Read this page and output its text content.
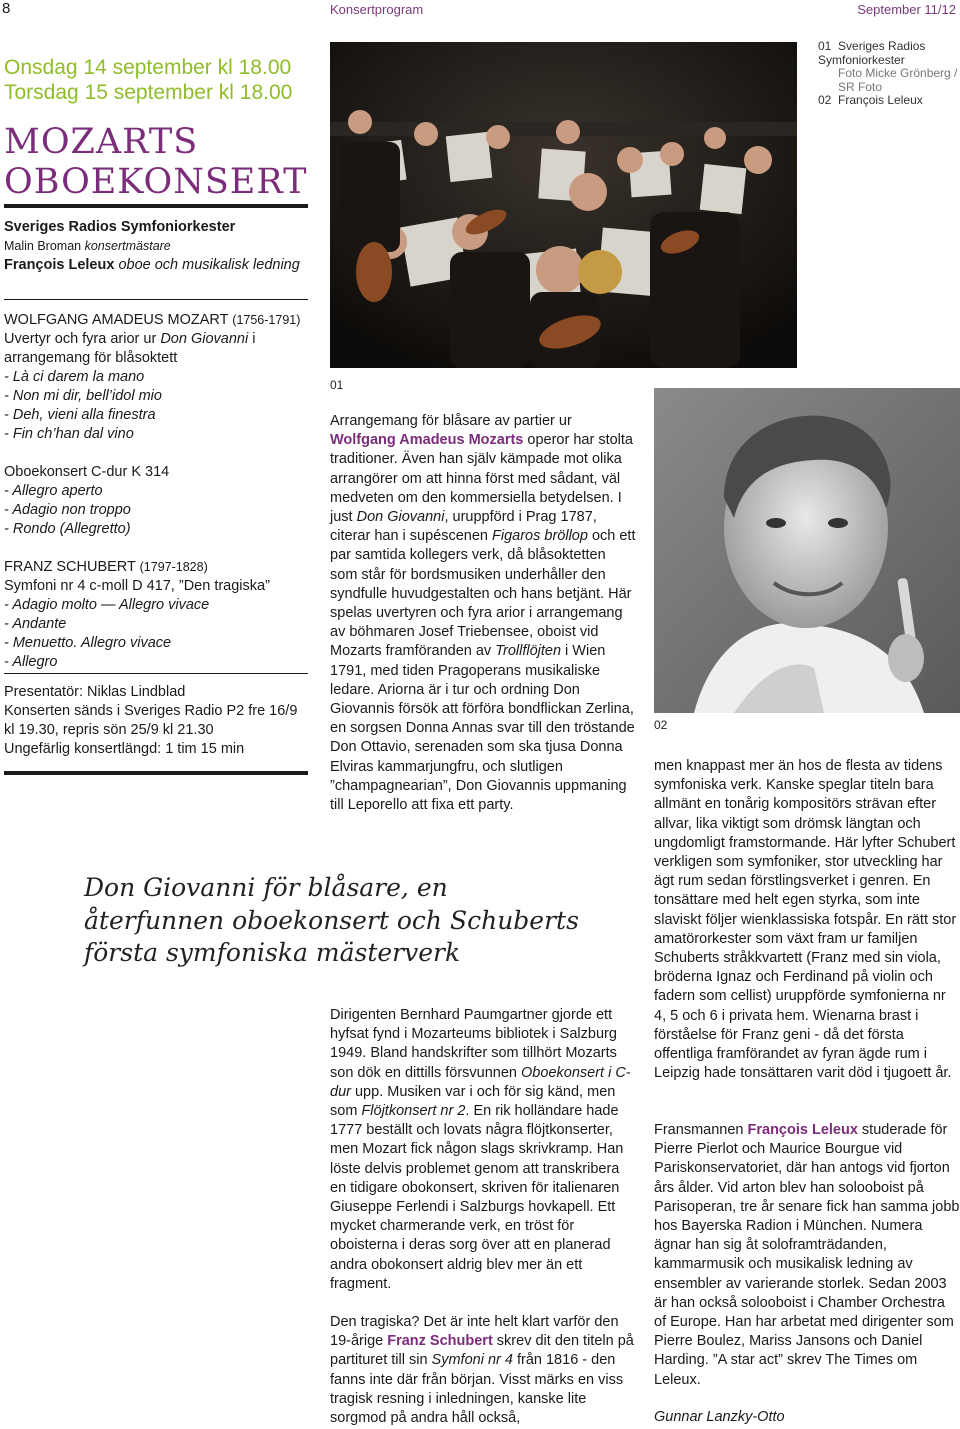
8	Konsertprogram	September 11/12
Onsdag 14 september kl 18.00
Torsdag 15 september kl 18.00
MOZARTS
OBOEKONSERT

Sveriges Radios Symfoniorkester

Malin Broman konsertmästare

François Leleux oboe och musikalisk ledning

WOLFGANG AMADEUS MOZART (1756-1791)

Uvertyr och fyra arior ur Don Giovanni i arrangemang för blåsoktett

- Là ci darem la mano

- Non mi dir, bell’idol mio

- Deh, vieni alla finestra

- Fin ch’han dal vino

Oboekonsert C-dur K 314

- Allegro aperto

- Adagio non troppo

- Rondo (Allegretto)

FRANZ SCHUBERT (1797-1828)

Symfoni nr 4 c-moll D 417, ”Den tragiska”

- Adagio molto — Allegro vivace

- Andante

- Menuetto. Allegro vivace

- Allegro

Presentatör: Niklas Lindblad

Konserten sänds i Sveriges Radio P2 fre 16/9 kl 19.30, repris sön 25/9 kl 21.30

Ungefärlig konsertlängd: 1 tim 15 min

01 Sveriges Radios Symfoniorkester

Foto Micke Grönberg / SR Foto

02 François Leleux

01
02

Arrangemang för blåsare av partier ur Wolfgang Amadeus Mozarts operor har stolta traditioner. Även han själv kämpade mot olika arrangörer om att hinna först med sådant, väl medveten om den kommersiella betydelsen. I just Don Giovanni, uruppförd i Prag 1787, citerar han i supéscenen Figaros bröllop och ett par samtida kollegers verk, då blåsoktetten som står för bordsmusiken underhåller den syndfulle huvudgestalten och hans betjänt. Här spelas uvertyren och fyra arior i arrangemang av böhmaren Josef Triebensee, oboist vid Mozarts framföranden av Trollflöjten i Wien 1791, med tiden Pragoperans musikaliske ledare. Ariorna är i tur och ordning Don Giovannis försök att förföra bondflickan Zerlina, en sorgsen Donna Annas svar till den tröstande Don Ottavio, serenaden som ska tjusa Donna Elviras kammarjungfru, och slutligen ”champagnearian”, Don Giovannis uppmaning till Leporello att fixa ett party.

Don Giovanni för blåsare, en återfunnen oboekonsert och Schuberts första symfoniska mästerverk

Dirigenten Bernhard Paumgartner gjorde ett hyfsat fynd i Mozarteums bibliotek i Salzburg 1949. Bland handskrifter som tillhört Mozarts son dök en dittills försvunnen Oboekonsert i C-dur upp. Musiken var i och för sig känd, men som Flöjtkonsert nr 2. En rik holländare hade 1777 beställt och lovats några flöjtkonserter, men Mozart fick någon slags skrivkramp. Han löste delvis problemet genom att transkribera en tidigare obokonsert, skriven för italienaren Giuseppe Ferlendi i Salzburgs hovkapell. Ett mycket charmerande verk, en tröst för oboisterna i deras sorg över att en planerad andra obokonsert aldrig blev mer än ett fragment.

Den tragiska? Det är inte helt klart varför den 19-årige Franz Schubert skrev dit den titeln på partituret till sin Symfoni nr 4 från 1816 - den fanns inte där från början. Visst märks en viss tragisk resning i inledningen, kanske lite sorgmod på andra håll också,

men knappast mer än hos de flesta av tidens symfoniska verk. Kanske speglar titeln bara allmänt en tonårig kompositörs strävan efter allvar, lika viktigt som drömsk längtan och ungdomligt framstormande. Här lyfter Schubert verkligen som symfoniker, stor utveckling har ägt rum sedan förstlingsverket i genren. En tonsättare med helt egen styrka, som inte slaviskt följer wienklassiska fotspår. En rätt stor amatörorkester som växt fram ur familjen Schuberts stråkkvartett (Franz med sin viola, bröderna Ignaz och Ferdinand på violin och fadern som cellist) uruppförde symfonierna nr 4, 5 och 6 i privata hem. Wienarna brast i förståelse för Franz geni - då det första offentliga framförandet av fyran ägde rum i Leipzig hade tonsättaren varit död i tjugoett år.

Fransmannen François Leleux studerade för Pierre Pierlot och Maurice Bourgue vid Pariskonservatoriet, där han antogs vid fjorton års ålder. Vid arton blev han solooboist på Parisoperan, tre år senare fick han samma jobb hos Bayerska Radion i München. Numera ägnar han sig åt soloframträdanden, kammarmusik och musikalisk ledning av ensembler av varierande storlek. Sedan 2003 är han också solooboist i Chamber Orchestra of Europe. Han har arbetat med dirigenter som Pierre Boulez, Mariss Jansons och Daniel Harding. ”A star act” skrev The Times om Leleux.

Gunnar Lanzky-Otto
